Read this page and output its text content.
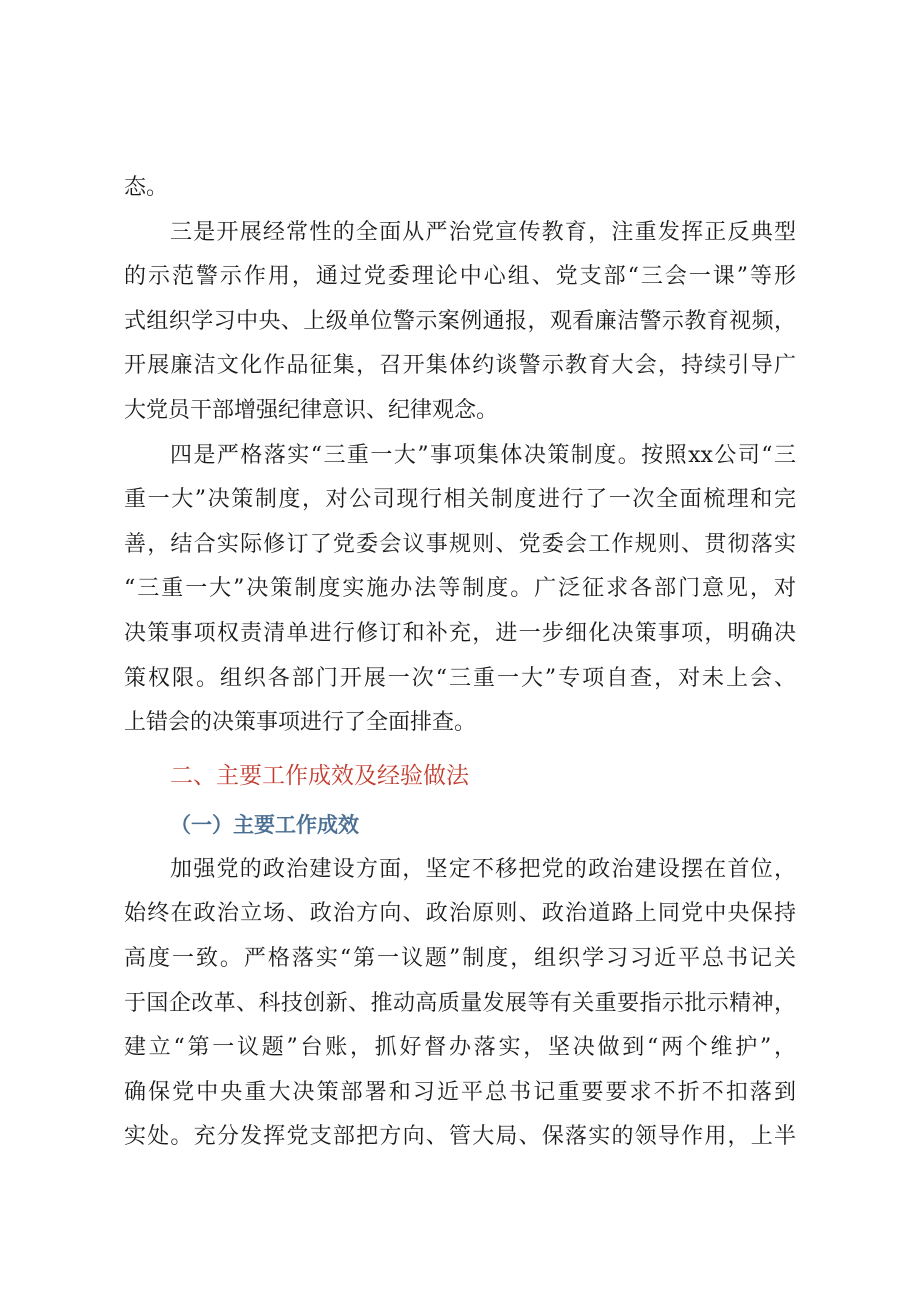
态。

三是开展经常性的全面从严治党宣传教育，注重发挥正反典型

的示范警示作用，通过党委理论中心组、党支部“三会一课”等形

式组织学习中央、上级单位警示案例通报，观看廉洁警示教育视频，

开展廉洁文化作品征集，召开集体约谈警示教育大会，持续引导广

大党员干部增强纪律意识、纪律观念。

四是严格落实“三重一大”事项集体决策制度。按照xx公司“三

重一大”决策制度，对公司现行相关制度进行了一次全面梳理和完

善，结合实际修订了党委会议事规则、党委会工作规则、贯彻落实

“三重一大”决策制度实施办法等制度。广泛征求各部门意见，对

决策事项权责清单进行修订和补充，进一步细化决策事项，明确决

策权限。组织各部门开展一次“三重一大”专项自查，对未上会、

上错会的决策事项进行了全面排查。

二、主要工作成效及经验做法
（一）主要工作成效

加强党的政治建设方面，坚定不移把党的政治建设摆在首位，

始终在政治立场、政治方向、政治原则、政治道路上同党中央保持

高度一致。严格落实“第一议题”制度，组织学习习近平总书记关

于国企改革、科技创新、推动高质量发展等有关重要指示批示精神，

建立“第一议题”台账，抓好督办落实，坚决做到“两个维护”，

确保党中央重大决策部署和习近平总书记重要要求不折不扣落到

实处。充分发挥党支部把方向、管大局、保落实的领导作用，上半
